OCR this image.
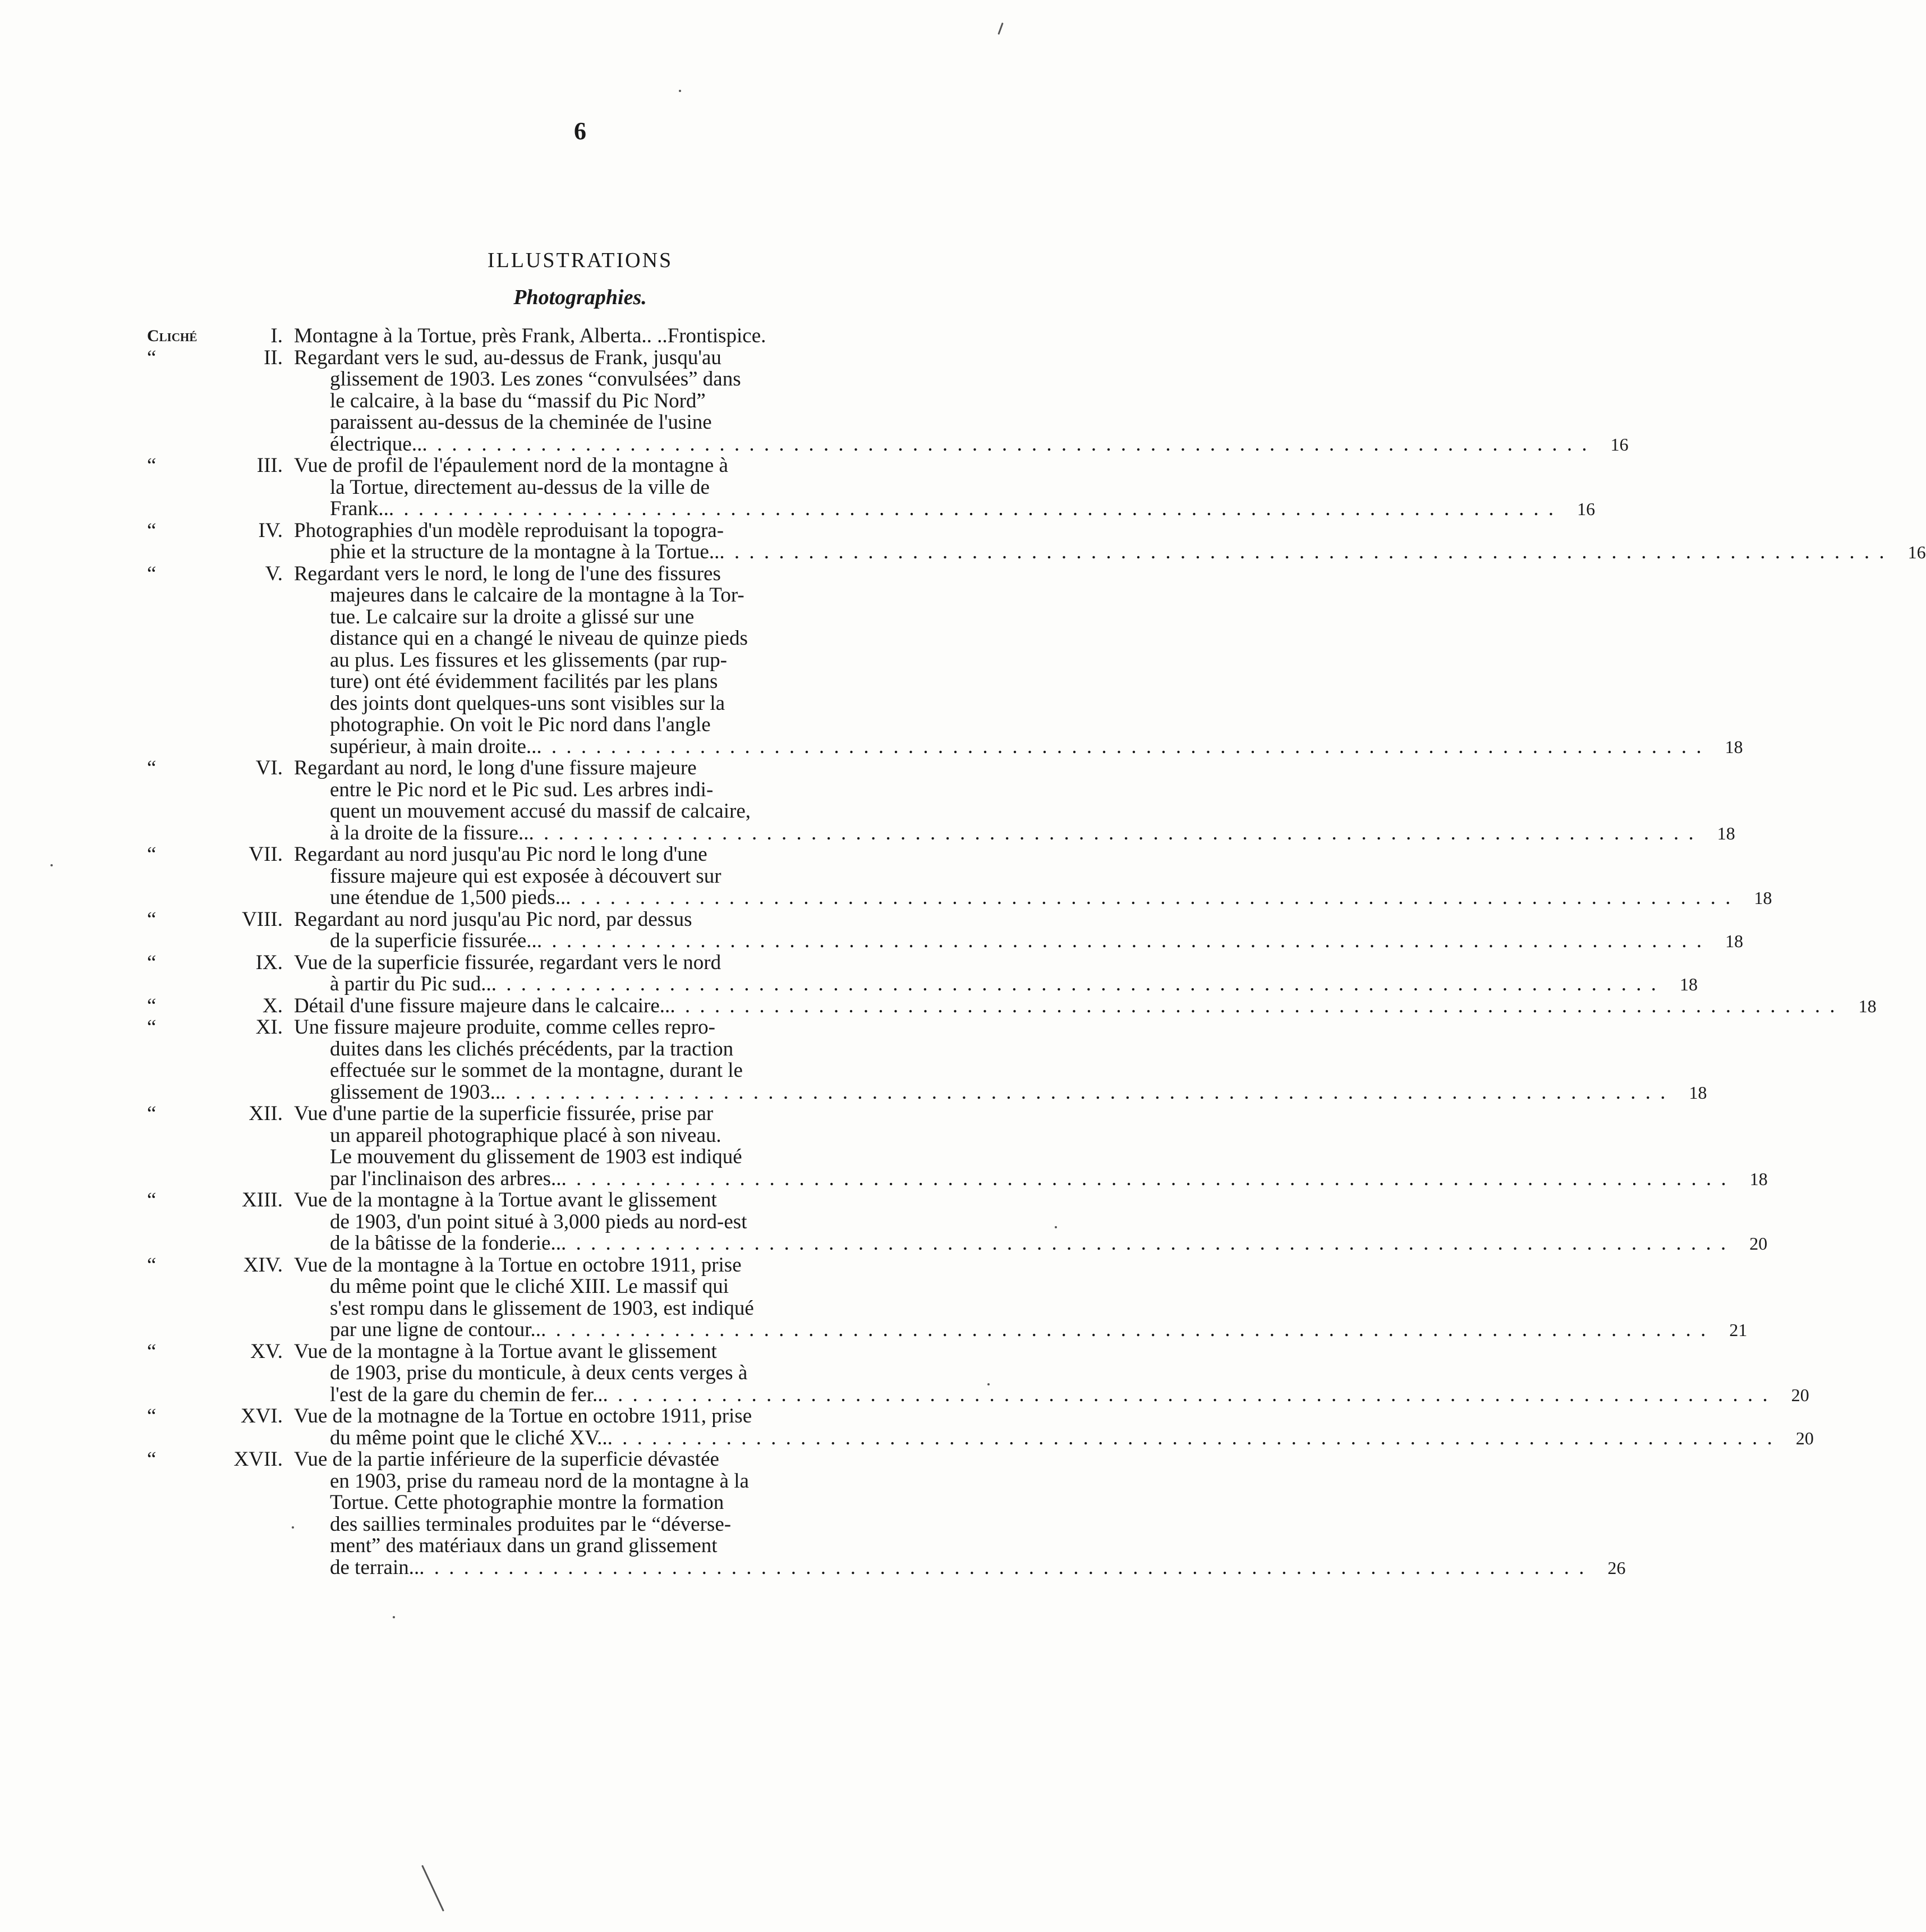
6
ILLUSTRATIONS
Photographies.
Cliché	I. Montagne à la Tortue, près Frank, Alberta.. ..Frontispice.
“	II. Regardant vers le sud, au-dessus de Frank, jusqu'au
glissement de 1903. Les zones “convulsées” dans
le calcaire, à la base du “massif du Pic Nord”
paraissent au-dessus de la cheminée de l'usine
électrique.. . . .	16
“	III. Vue de profil de l'épaulement nord de la montagne à
la Tortue, directement au-dessus de la ville de
Frank.. . . .	16
“	IV. Photographies d'un modèle reproduisant la topogra-
phie et la structure de la montagne à la Tortue.. . . .	16
“	V. Regardant vers le nord, le long de l'une des fissures
majeures dans le calcaire de la montagne à la Tor-
tue. Le calcaire sur la droite a glissé sur une
distance qui en a changé le niveau de quinze pieds
au plus. Les fissures et les glissements (par rup-
ture) ont été évidemment facilités par les plans
des joints dont quelques-uns sont visibles sur la
photographie. On voit le Pic nord dans l'angle
supérieur, à main droite.. . . .	18
“	VI. Regardant au nord, le long d'une fissure majeure
entre le Pic nord et le Pic sud. Les arbres indi-
quent un mouvement accusé du massif de calcaire,
à la droite de la fissure.. . . .	18
“	VII. Regardant au nord jusqu'au Pic nord le long d'une
fissure majeure qui est exposée à découvert sur
une étendue de 1,500 pieds.. . . .	18
“	VIII. Regardant au nord jusqu'au Pic nord, par dessus
de la superficie fissurée.. . . .	18
“	IX. Vue de la superficie fissurée, regardant vers le nord
à partir du Pic sud.. . . .	18
“	X. Détail d'une fissure majeure dans le calcaire.. . . .	18
“	XI. Une fissure majeure produite, comme celles repro-
duites dans les clichés précédents, par la traction
effectuée sur le sommet de la montagne, durant le
glissement de 1903.. . . .	18
“	XII. Vue d'une partie de la superficie fissurée, prise par
un appareil photographique placé à son niveau.
Le mouvement du glissement de 1903 est indiqué
par l'inclinaison des arbres.. . . .	18
“	XIII. Vue de la montagne à la Tortue avant le glissement
de 1903, d'un point situé à 3,000 pieds au nord-est
de la bâtisse de la fonderie.. . . .	20
“	XIV. Vue de la montagne à la Tortue en octobre 1911, prise
du même point que le cliché XIII. Le massif qui
s'est rompu dans le glissement de 1903, est indiqué
par une ligne de contour.. . . .	21
“	XV. Vue de la montagne à la Tortue avant le glissement
de 1903, prise du monticule, à deux cents verges à
l'est de la gare du chemin de fer.. . . .	20
“	XVI. Vue de la motnagne de la Tortue en octobre 1911, prise
du même point que le cliché XV.. . . .	20
“	XVII. Vue de la partie inférieure de la superficie dévastée
en 1903, prise du rameau nord de la montagne à la
Tortue. Cette photographie montre la formation
des saillies terminales produites par le “déverse-
ment” des matériaux dans un grand glissement
de terrain.. . . .	26
